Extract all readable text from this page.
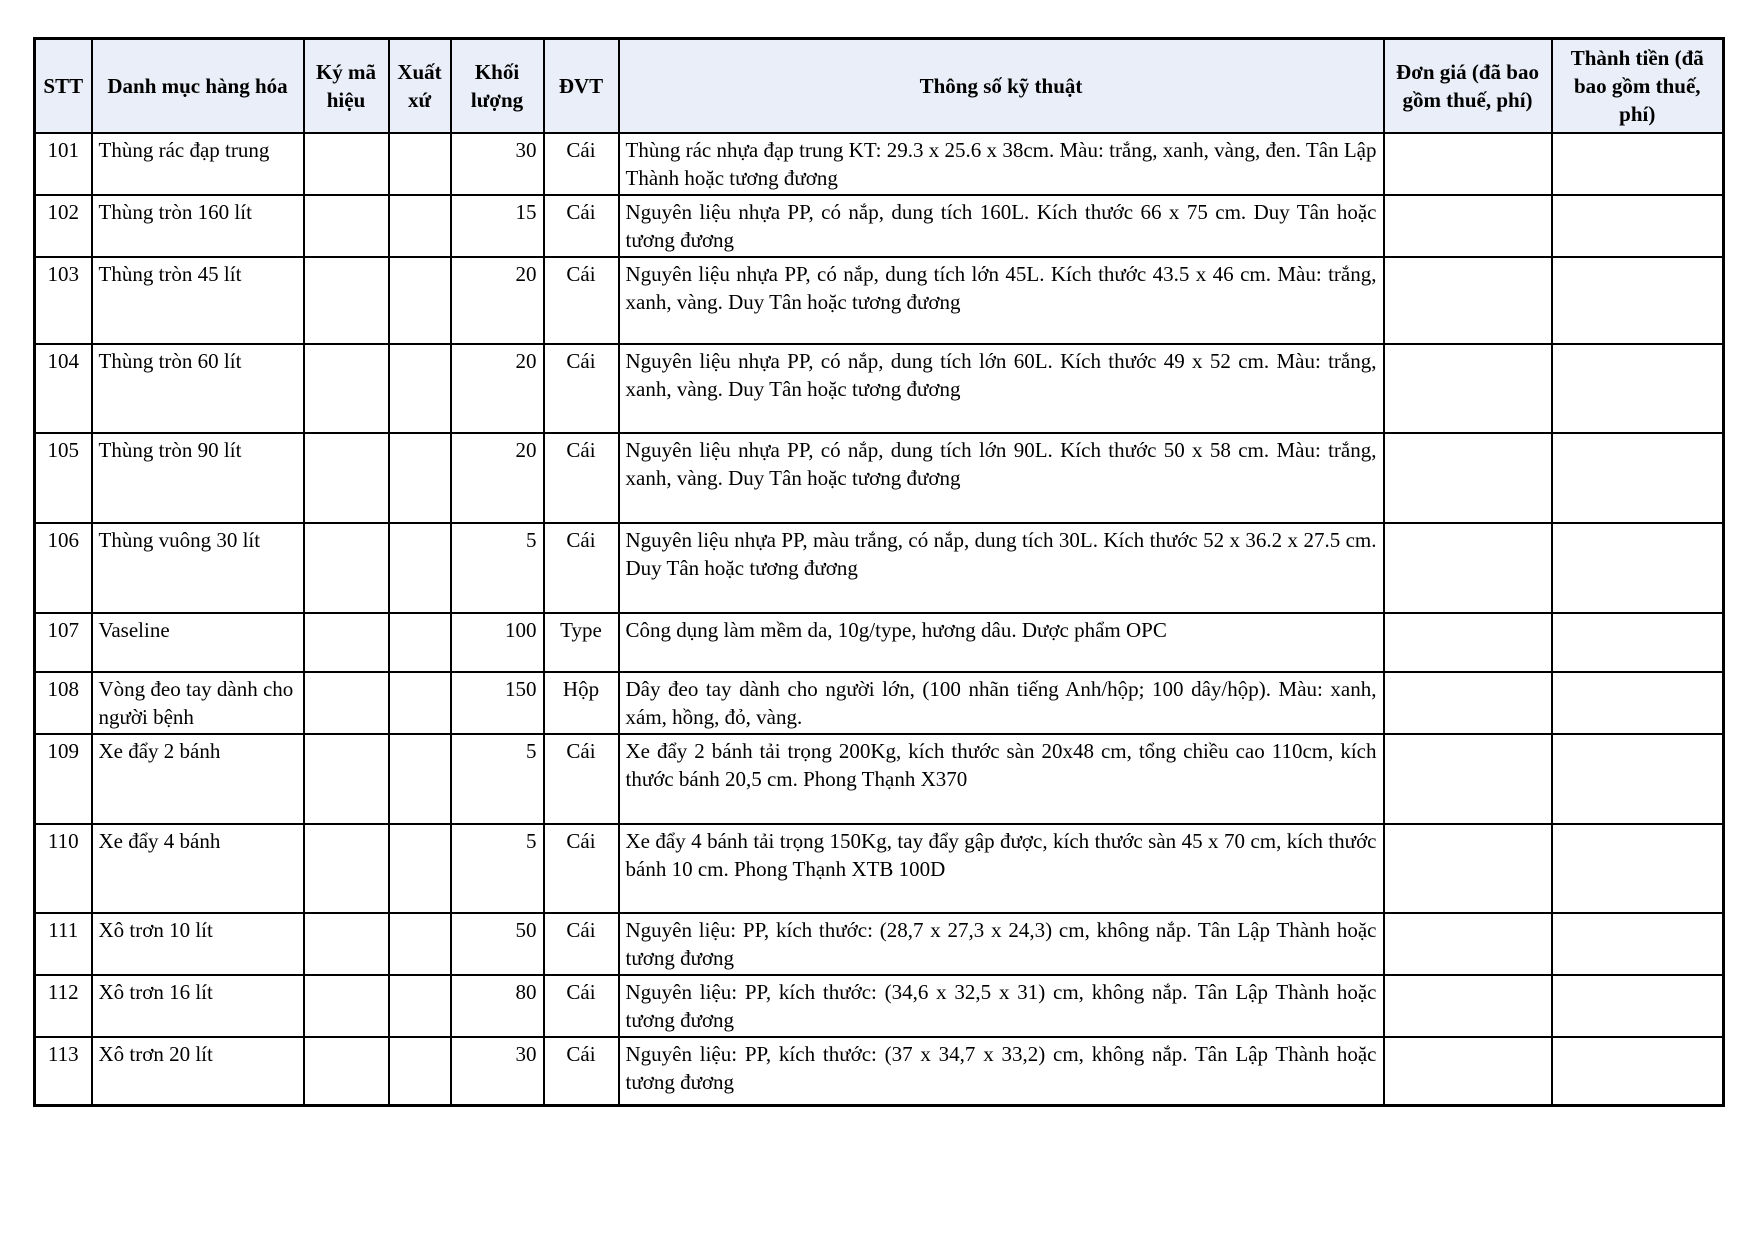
STT	Danh mục hàng hóa	Ký mã hiệu	Xuất xứ	Khối lượng	ĐVT	Thông số kỹ thuật	Đơn giá (đã bao gồm thuế, phí)	Thành tiền (đã bao gồm thuế, phí)
101	Thùng rác đạp trung			30	Cái	Thùng rác nhựa đạp trung KT: 29.3 x 25.6 x 38cm. Màu: trắng, xanh, vàng, đen. Tân Lập Thành hoặc tương đương		
102	Thùng tròn 160 lít			15	Cái	Nguyên liệu nhựa PP, có nắp, dung tích 160L. Kích thước 66 x 75 cm. Duy Tân hoặc tương đương		
103	Thùng tròn 45 lít			20	Cái	Nguyên liệu nhựa PP, có nắp, dung tích lớn 45L. Kích thước 43.5 x 46 cm. Màu: trắng, xanh, vàng. Duy Tân hoặc tương đương		
104	Thùng tròn 60 lít			20	Cái	Nguyên liệu nhựa PP, có nắp, dung tích lớn 60L. Kích thước 49 x 52 cm. Màu: trắng, xanh, vàng. Duy Tân hoặc tương đương		
105	Thùng tròn 90 lít			20	Cái	Nguyên liệu nhựa PP, có nắp, dung tích lớn 90L. Kích thước 50 x 58 cm. Màu: trắng, xanh, vàng. Duy Tân hoặc tương đương		
106	Thùng vuông 30 lít			5	Cái	Nguyên liệu nhựa PP, màu trắng, có nắp, dung tích 30L. Kích thước 52 x 36.2 x 27.5 cm. Duy Tân hoặc tương đương		
107	Vaseline			100	Type	Công dụng làm mềm da, 10g/type, hương dâu. Dược phẩm OPC		
108	Vòng đeo tay dành cho người bệnh			150	Hộp	Dây đeo tay dành cho người lớn, (100 nhãn tiếng Anh/hộp; 100 dây/hộp). Màu: xanh, xám, hồng, đỏ, vàng.		
109	Xe đẩy 2 bánh			5	Cái	Xe đẩy 2 bánh tải trọng 200Kg, kích thước sàn 20x48 cm, tổng chiều cao 110cm, kích thước bánh 20,5 cm. Phong Thạnh X370		
110	Xe đẩy 4 bánh			5	Cái	Xe đẩy 4 bánh tải trọng 150Kg, tay đẩy gập được, kích thước sàn 45 x 70 cm, kích thước bánh 10 cm. Phong Thạnh XTB 100D		
111	Xô trơn 10 lít			50	Cái	Nguyên liệu: PP, kích thước: (28,7 x 27,3 x 24,3) cm, không nắp. Tân Lập Thành hoặc tương đương		
112	Xô trơn 16 lít			80	Cái	Nguyên liệu: PP, kích thước: (34,6 x 32,5 x 31) cm, không nắp. Tân Lập Thành hoặc tương đương		
113	Xô trơn 20 lít			30	Cái	Nguyên liệu: PP, kích thước: (37 x 34,7 x 33,2) cm, không nắp. Tân Lập Thành hoặc tương đương		
